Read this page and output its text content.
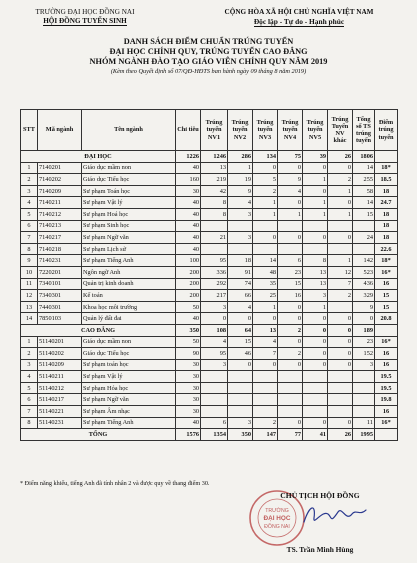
TRƯỜNG ĐẠI HỌC ĐỒNG NAI
HỘI ĐỒNG TUYỂN SINH
CỘNG HÒA XÃ HỘI CHỦ NGHĨA VIỆT NAM
Độc lập - Tự do - Hạnh phúc
DANH SÁCH ĐIỂM CHUẨN TRÚNG TUYỂN
ĐẠI HỌC CHÍNH QUY, TRÚNG TUYỂN CAO ĐẲNG
NHÓM NGÀNH ĐÀO TẠO GIÁO VIÊN CHÍNH QUY NĂM 2019
(Kèm theo Quyết định số 07/QĐ-HĐTS ban hành ngày 09 tháng 8 năm 2019)
STT	Mã ngành	Tên ngành	Chỉ tiêu	Trúng tuyển NV1	Trúng tuyển NV2	Trúng tuyển NV3	Trúng tuyển NV4	Trúng tuyển NV5	Trúng Tuyển NV khác	Tổng số TS trúng tuyển	Điểm trúng tuyển
ĐẠI HỌC			1226	1246	286	134	75	39	26	1806	
1	7140201	Giáo dục mầm non	40	13	1	0	0	0	0	14	18*
2	7140202	Giáo dục Tiểu học	160	219	19	5	9	1	2	255	18.5
3	7140209	Sư phạm Toán học	30	42	9	2	4	0	1	58	18
4	7140211	Sư phạm Vật lý	40	8	4	1	0	1	0	14	24.7
5	7140212	Sư phạm Hoá học	40	8	3	1	1	1	1	15	18
6	7140213	Sư phạm Sinh học	40								18
7	7140217	Sư phạm Ngữ văn	40	21	3	0	0	0	0	24	18
8	7140218	Sư phạm Lịch sử	40								22.6
9	7140231	Sư phạm Tiếng Anh	100	95	18	14	6	8	1	142	18*
10	7220201	Ngôn ngữ Anh	200	336	91	48	23	13	12	523	16*
11	7340101	Quản trị kinh doanh	200	292	74	35	15	13	7	436	16
12	7340301	Kế toán	200	217	66	25	16	3	2	329	15
13	7440301	Khoa học môi trường	50	3	4	1	0	1		9	15
14	7850103	Quản lý đất đai	40	0	0	0	0	0	0	0	20.8
CAO ĐẲNG			350	108	64	13	2	0	0	189	
1	51140201	Giáo dục mầm non	50	4	15	4	0	0	0	23	16*
2	51140202	Giáo dục Tiểu học	90	95	46	7	2	0	0	152	16
3	51140209	Sư phạm toán học	30	3	0	0	0	0	0	3	16
4	51140211	Sư phạm Vật lý	30								19.5
5	51140212	Sư phạm Hóa học	30								19.5
6	51140217	Sư phạm Ngữ văn	30								19.8
7	51140221	Sư phạm Âm nhạc	30								16
8	51140231	Sư phạm Tiếng Anh	40	6	3	2	0	0	0	11	16*
TỔNG			1576	1354	350	147	77	41	26	1995	
* Điểm năng khiếu, tiếng Anh đã tính nhân 2 và được quy về thang điểm 30.
TRƯỜNG
ĐẠI HỌC
ĐỒNG NAI
CHỦ TỊCH HỘI ĐỒNG
TS. Trần Minh Hùng
